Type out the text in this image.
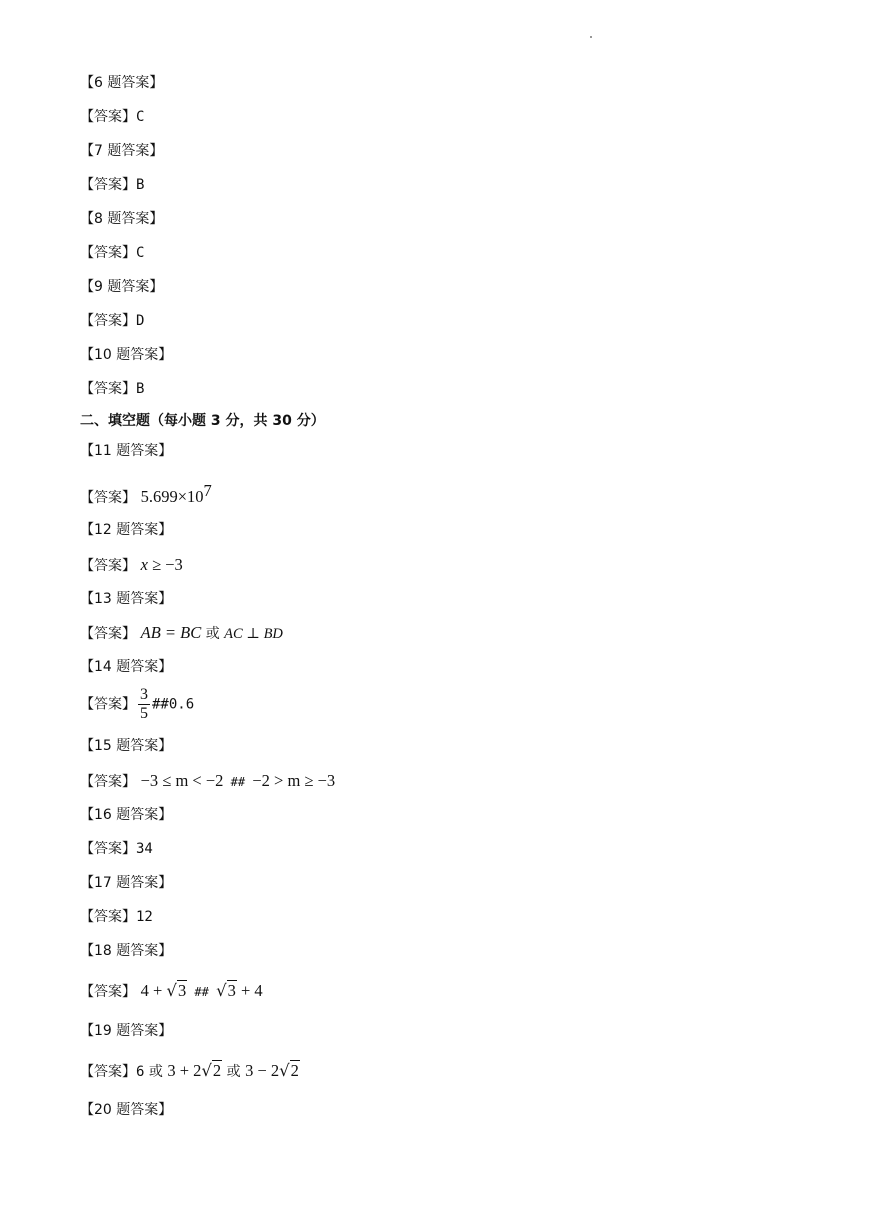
【6 题答案】
【答案】C
【7 题答案】
【答案】B
【8 题答案】
【答案】C
【9 题答案】
【答案】D
【10 题答案】
【答案】B
二、填空题（每小题 3 分，共 30 分）
【11 题答案】
【答案】 $5.699\times 10^7$
【12 题答案】
【答案】 x ≥ −3
【13 题答案】
【答案】 AB = BC 或 AC ⊥ BD
【14 题答案】
【答案】 $\frac{3}{5}$ ##0.6
【15 题答案】
【答案】 −3 ≤ m < −2 ## −2 > m ≥ −3
【16 题答案】
【答案】34
【17 题答案】
【答案】12
【18 题答案】
【答案】 4 + √3 ## √3 + 4
【19 题答案】
【答案】6 或 3 + 2√2 或 3 − 2√2
【20 题答案】
